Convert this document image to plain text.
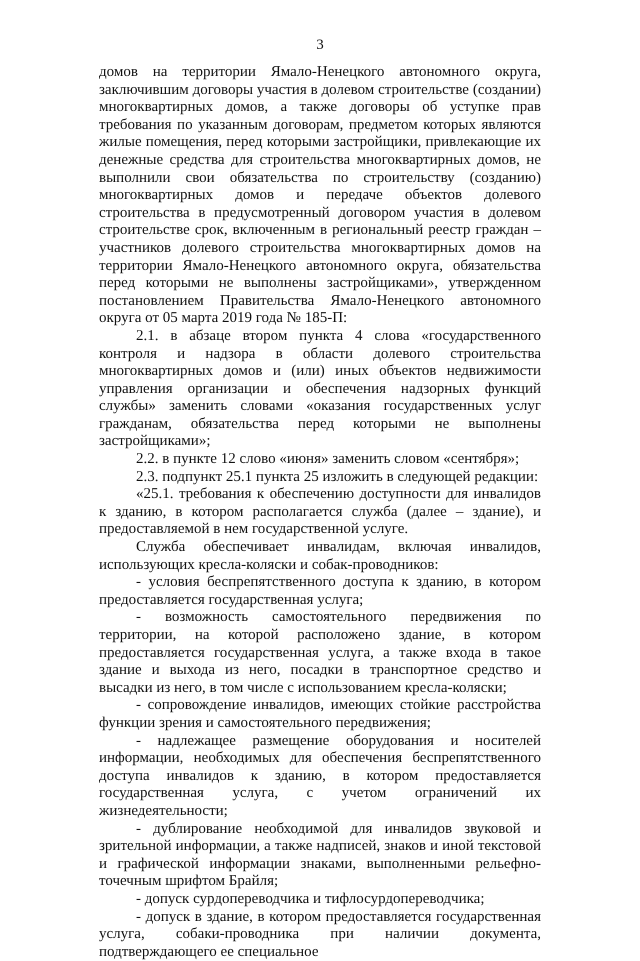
3

домов на территории Ямало-Ненецкого автономного округа, заключившим договоры участия в долевом строительстве (создании) многоквартирных домов, а также договоры об уступке прав требования по указанным договорам, предметом которых являются жилые помещения, перед которыми застройщики, привлекающие их денежные средства для строительства многоквартирных домов, не выполнили свои обязательства по строительству (созданию) многоквартирных домов и передаче объектов долевого строительства в предусмотренный договором участия в долевом строительстве срок, включенным в региональный реестр граждан – участников долевого строительства многоквартирных домов на территории Ямало-Ненецкого автономного округа, обязательства перед которыми не выполнены застройщиками», утвержденном постановлением Правительства Ямало-Ненецкого автономного округа от 05 марта 2019 года № 185-П:

2.1. в абзаце втором пункта 4 слова «государственного контроля и надзора в области долевого строительства многоквартирных домов и (или) иных объектов недвижимости управления организации и обеспечения надзорных функций службы» заменить словами «оказания государственных услуг гражданам, обязательства перед которыми не выполнены застройщиками»;

2.2. в пункте 12 слово «июня» заменить словом «сентября»;

2.3. подпункт 25.1 пункта 25 изложить в следующей редакции:

«25.1. требования к обеспечению доступности для инвалидов к зданию, в котором располагается служба (далее – здание), и предоставляемой в нем государственной услуге.

Служба обеспечивает инвалидам, включая инвалидов, использующих кресла-коляски и собак-проводников:

- условия беспрепятственного доступа к зданию, в котором предоставляется государственная услуга;

- возможность самостоятельного передвижения по территории, на которой расположено здание, в котором предоставляется государственная услуга, а также входа в такое здание и выхода из него, посадки в транспортное средство и высадки из него, в том числе с использованием кресла-коляски;

- сопровождение инвалидов, имеющих стойкие расстройства функции зрения и самостоятельного передвижения;

- надлежащее размещение оборудования и носителей информации, необходимых для обеспечения беспрепятственного доступа инвалидов к зданию, в котором предоставляется государственная услуга, с учетом ограничений их жизнедеятельности;

- дублирование необходимой для инвалидов звуковой и зрительной информации, а также надписей, знаков и иной текстовой и графической информации знаками, выполненными рельефно-точечным шрифтом Брайля;

- допуск сурдопереводчика и тифлосурдопереводчика;

- допуск в здание, в котором предоставляется государственная услуга, собаки-проводника при наличии документа, подтверждающего ее специальное
